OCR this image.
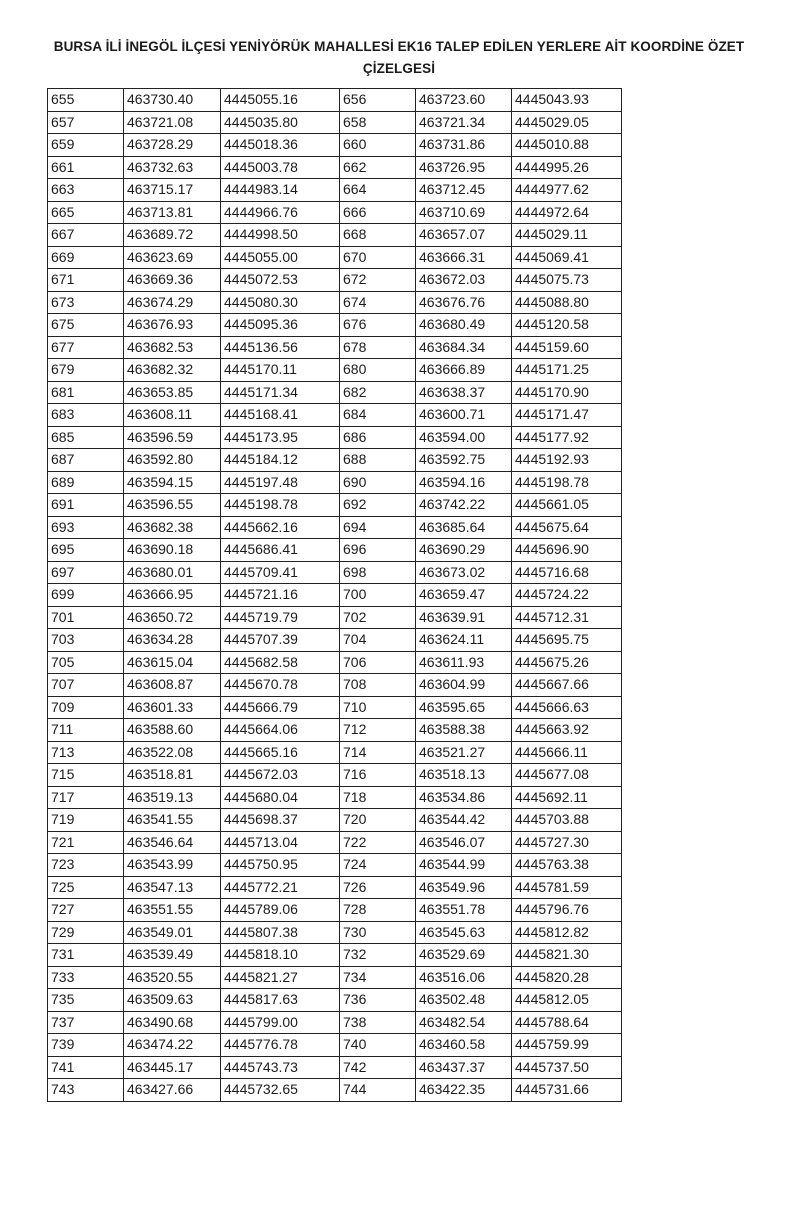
BURSA İLİ İNEGÖL İLÇESİ YENİYÖRÜK MAHALLESİ EK16 TALEP EDİLEN YERLERE AİT KOORDİNE ÖZET
ÇİZELGESİ
655	463730.40	4445055.16	656	463723.60	4445043.93
657	463721.08	4445035.80	658	463721.34	4445029.05
659	463728.29	4445018.36	660	463731.86	4445010.88
661	463732.63	4445003.78	662	463726.95	4444995.26
663	463715.17	4444983.14	664	463712.45	4444977.62
665	463713.81	4444966.76	666	463710.69	4444972.64
667	463689.72	4444998.50	668	463657.07	4445029.11
669	463623.69	4445055.00	670	463666.31	4445069.41
671	463669.36	4445072.53	672	463672.03	4445075.73
673	463674.29	4445080.30	674	463676.76	4445088.80
675	463676.93	4445095.36	676	463680.49	4445120.58
677	463682.53	4445136.56	678	463684.34	4445159.60
679	463682.32	4445170.11	680	463666.89	4445171.25
681	463653.85	4445171.34	682	463638.37	4445170.90
683	463608.11	4445168.41	684	463600.71	4445171.47
685	463596.59	4445173.95	686	463594.00	4445177.92
687	463592.80	4445184.12	688	463592.75	4445192.93
689	463594.15	4445197.48	690	463594.16	4445198.78
691	463596.55	4445198.78	692	463742.22	4445661.05
693	463682.38	4445662.16	694	463685.64	4445675.64
695	463690.18	4445686.41	696	463690.29	4445696.90
697	463680.01	4445709.41	698	463673.02	4445716.68
699	463666.95	4445721.16	700	463659.47	4445724.22
701	463650.72	4445719.79	702	463639.91	4445712.31
703	463634.28	4445707.39	704	463624.11	4445695.75
705	463615.04	4445682.58	706	463611.93	4445675.26
707	463608.87	4445670.78	708	463604.99	4445667.66
709	463601.33	4445666.79	710	463595.65	4445666.63
711	463588.60	4445664.06	712	463588.38	4445663.92
713	463522.08	4445665.16	714	463521.27	4445666.11
715	463518.81	4445672.03	716	463518.13	4445677.08
717	463519.13	4445680.04	718	463534.86	4445692.11
719	463541.55	4445698.37	720	463544.42	4445703.88
721	463546.64	4445713.04	722	463546.07	4445727.30
723	463543.99	4445750.95	724	463544.99	4445763.38
725	463547.13	4445772.21	726	463549.96	4445781.59
727	463551.55	4445789.06	728	463551.78	4445796.76
729	463549.01	4445807.38	730	463545.63	4445812.82
731	463539.49	4445818.10	732	463529.69	4445821.30
733	463520.55	4445821.27	734	463516.06	4445820.28
735	463509.63	4445817.63	736	463502.48	4445812.05
737	463490.68	4445799.00	738	463482.54	4445788.64
739	463474.22	4445776.78	740	463460.58	4445759.99
741	463445.17	4445743.73	742	463437.37	4445737.50
743	463427.66	4445732.65	744	463422.35	4445731.66
